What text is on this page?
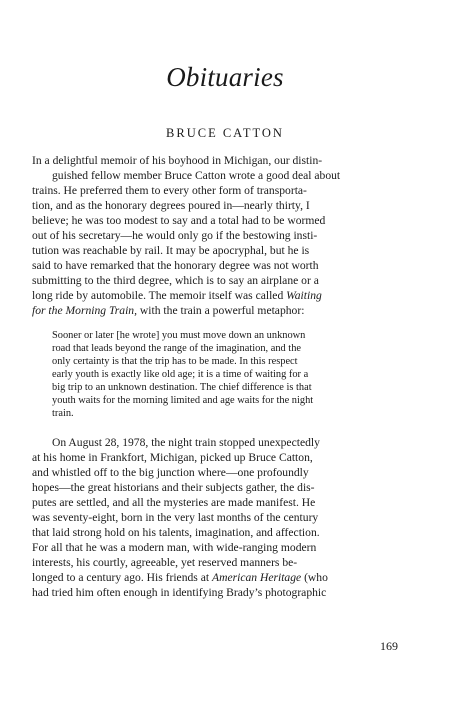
Obituaries
BRUCE CATTON
In a delightful memoir of his boyhood in Michigan, our distin-
guished fellow member Bruce Catton wrote a good deal about
trains. He preferred them to every other form of transporta-
tion, and as the honorary degrees poured in—nearly thirty, I
believe; he was too modest to say and a total had to be wormed
out of his secretary—he would only go if the bestowing insti-
tution was reachable by rail. It may be apocryphal, but he is
said to have remarked that the honorary degree was not worth
submitting to the third degree, which is to say an airplane or a
long ride by automobile. The memoir itself was called Waiting
for the Morning Train, with the train a powerful metaphor:
Sooner or later [he wrote] you must move down an unknown
road that leads beyond the range of the imagination, and the
only certainty is that the trip has to be made. In this respect
early youth is exactly like old age; it is a time of waiting for a
big trip to an unknown destination. The chief difference is that
youth waits for the morning limited and age waits for the night
train.
On August 28, 1978, the night train stopped unexpectedly
at his home in Frankfort, Michigan, picked up Bruce Catton,
and whistled off to the big junction where—one profoundly
hopes—the great historians and their subjects gather, the dis-
putes are settled, and all the mysteries are made manifest. He
was seventy-eight, born in the very last months of the century
that laid strong hold on his talents, imagination, and affection.
For all that he was a modern man, with wide-ranging modern
interests, his courtly, agreeable, yet reserved manners be-
longed to a century ago. His friends at American Heritage (who
had tried him often enough in identifying Brady’s photographic
169
